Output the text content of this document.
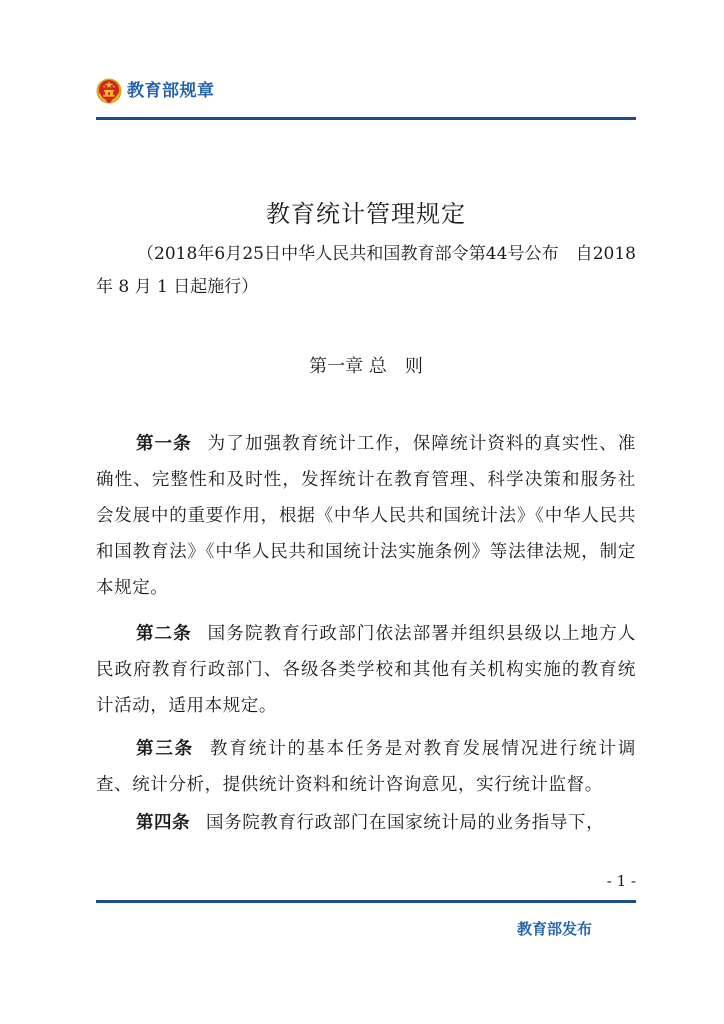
教育部规章
教育统计管理规定
（2018年6月25日中华人民共和国教育部令第44号公布　自2018 年 8 月 1 日起施行）
第一章 总　则

第一条 为了加强教育统计工作，保障统计资料的真实性、准确性、完整性和及时性，发挥统计在教育管理、科学决策和服务社会发展中的重要作用，根据《中华人民共和国统计法》《中华人民共和国教育法》《中华人民共和国统计法实施条例》等法律法规，制定本规定。

第二条 国务院教育行政部门依法部署并组织县级以上地方人民政府教育行政部门、各级各类学校和其他有关机构实施的教育统计活动，适用本规定。

第三条 教育统计的基本任务是对教育发展情况进行统计调查、统计分析，提供统计资料和统计咨询意见，实行统计监督。

第四条 国务院教育行政部门在国家统计局的业务指导下，

- 1 -
教育部发布
